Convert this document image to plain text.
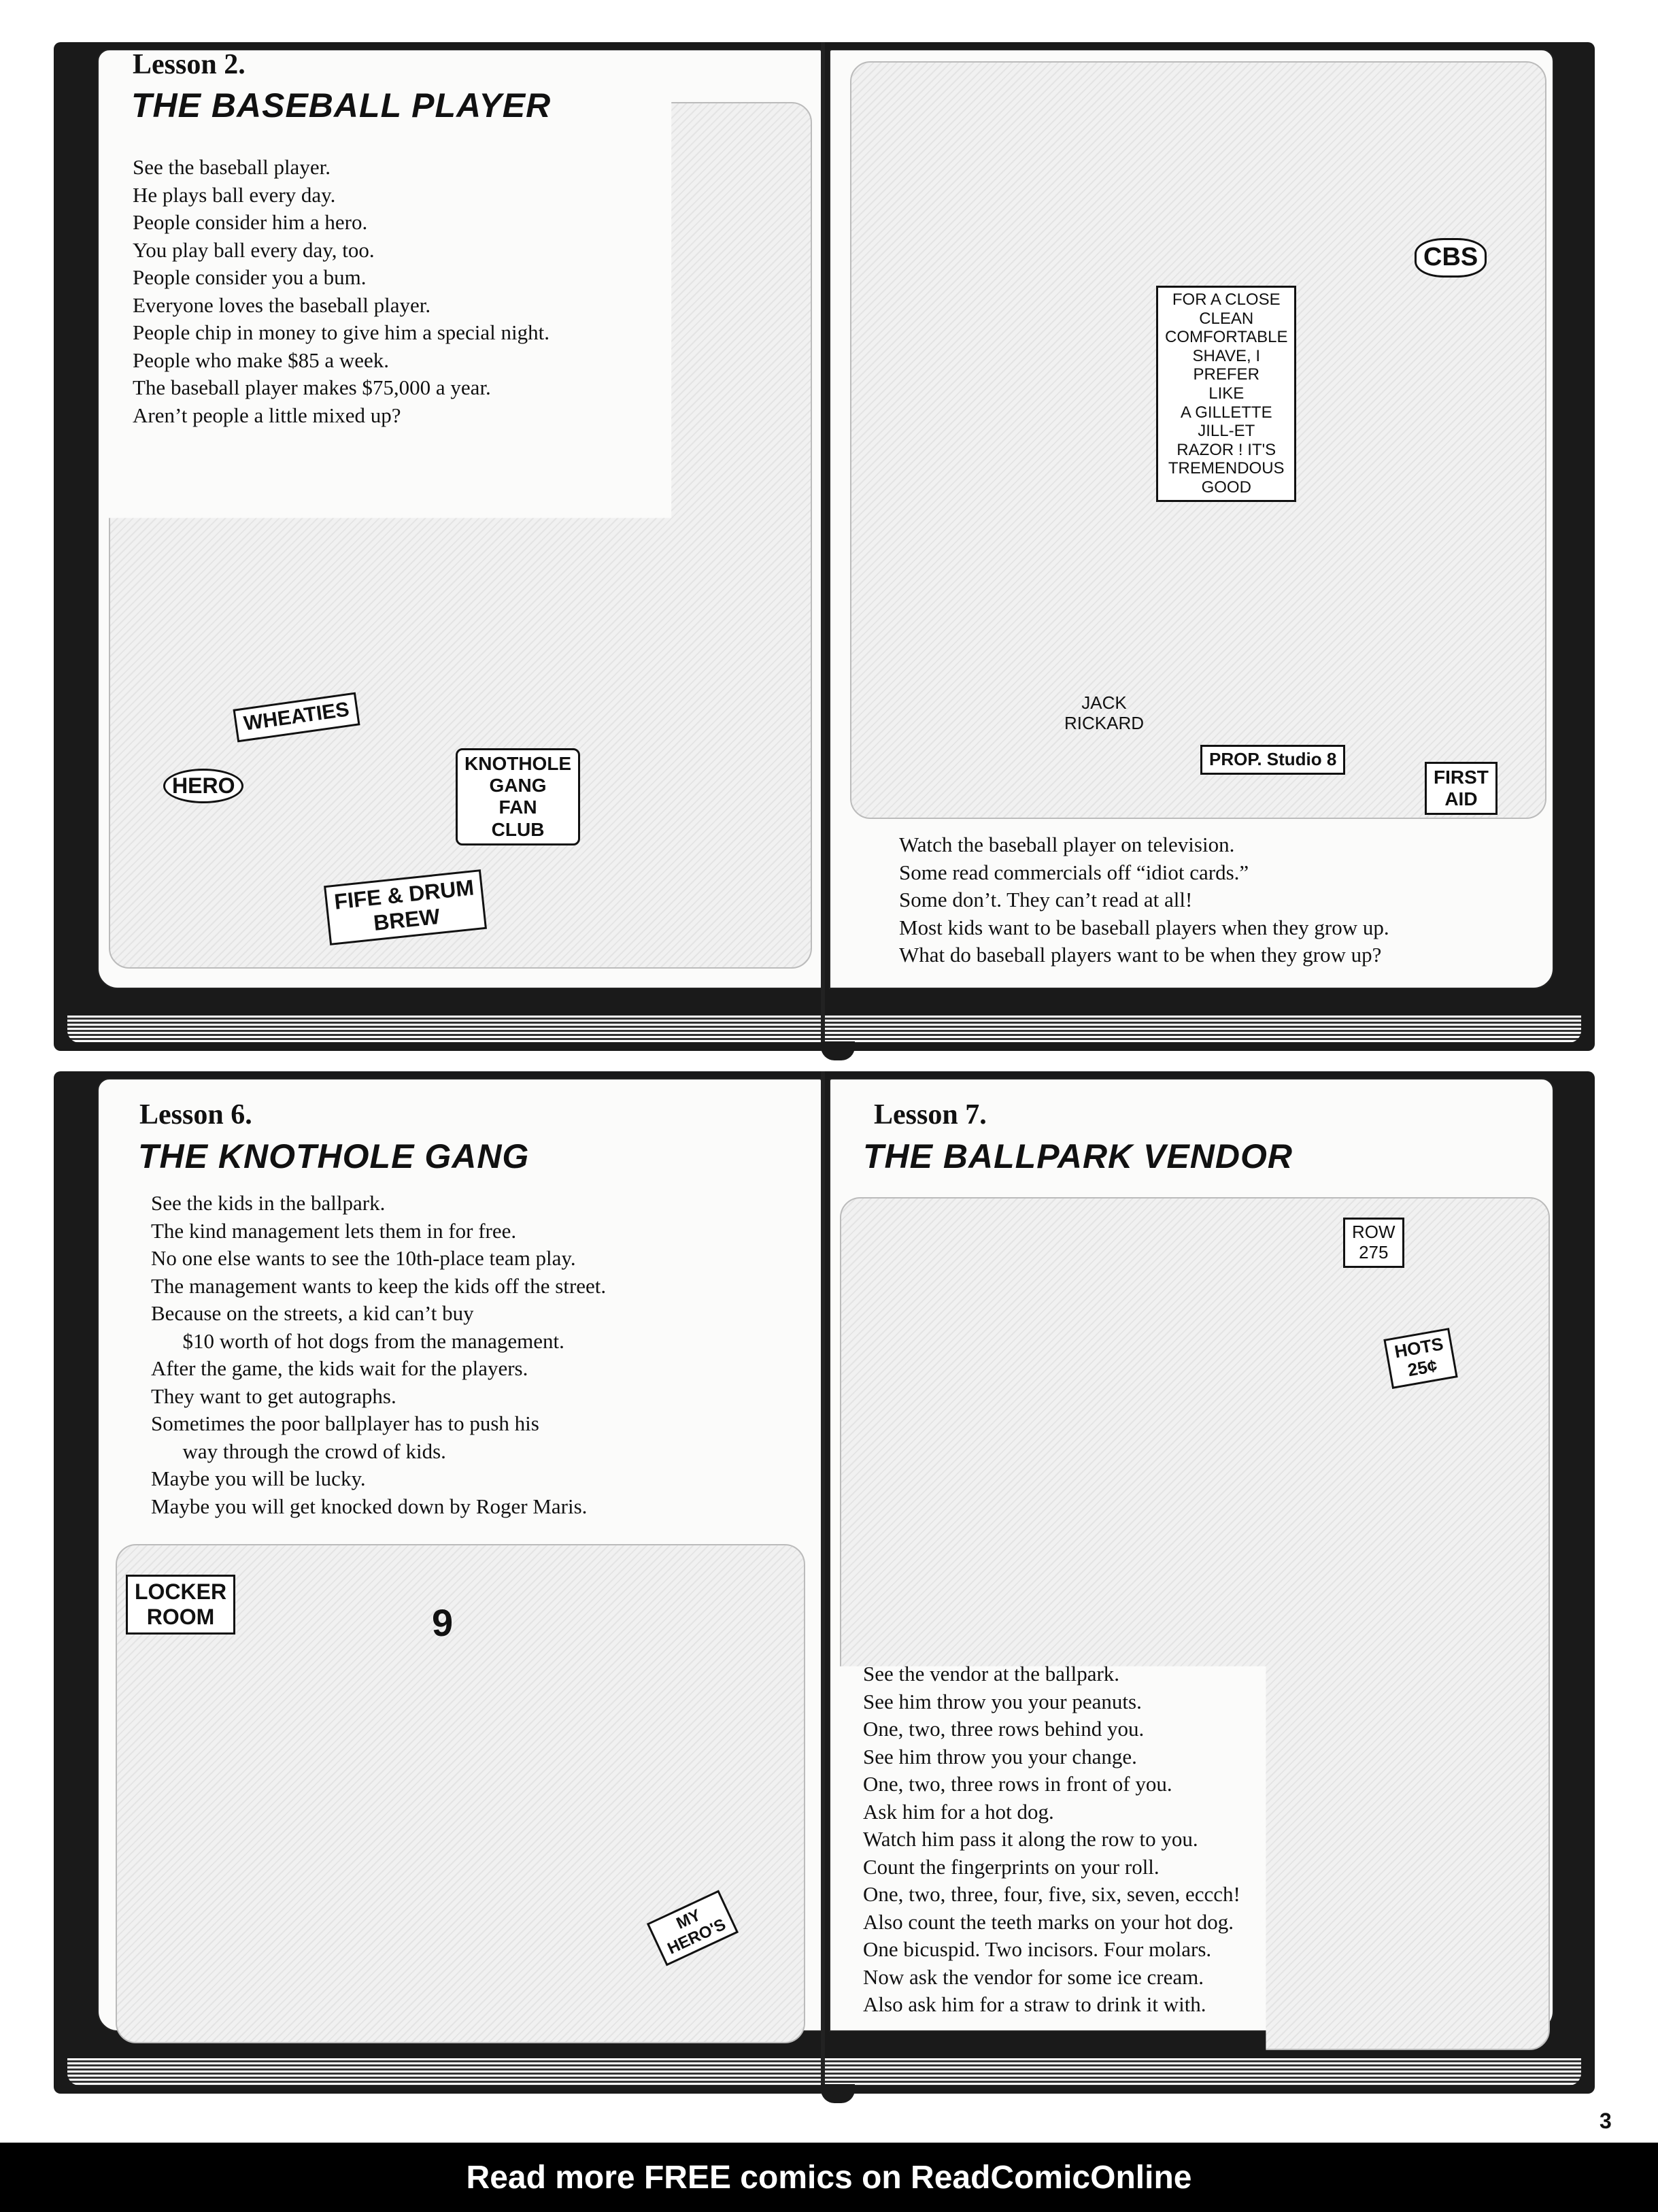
Lesson 2.
THE BASEBALL PLAYER
See the baseball player.
He plays ball every day.
People consider him a hero.
You play ball every day, too.
People consider you a bum.
Everyone loves the baseball player.
People chip in money to give him a special night.
People who make $85 a week.
The baseball player makes $75,000 a year.
Aren’t people a little mixed up?
WHEATIES
HERO
KNOTHOLE
GANG
FAN
CLUB
FIFE & DRUM
BREW
FOR A CLOSE
CLEAN
COMFORTABLE
SHAVE, I
PREFER
LIKE
A GILLETTE
JILL-ET
RAZOR ! IT'S
TREMENDOUS
GOOD
CBS
JACK
RICKARD
PROP. Studio 8
FIRST
AID
Watch the baseball player on television.
Some read commercials off “idiot cards.”
Some don’t. They can’t read at all!
Most kids want to be baseball players when they grow up.
What do baseball players want to be when they grow up?
Lesson 6.
THE KNOTHOLE GANG
See the kids in the ballpark.
The kind management lets them in for free.
No one else wants to see the 10th-place team play.
The management wants to keep the kids off the street.
Because on the streets, a kid can’t buy
$10 worth of hot dogs from the management.
After the game, the kids wait for the players.
They want to get autographs.
Sometimes the poor ballplayer has to push his
way through the crowd of kids.
Maybe you will be lucky.
Maybe you will get knocked down by Roger Maris.
LOCKER
ROOM	9
MY
HERO'S
Lesson 7.
THE BALLPARK VENDOR
ROW
275
HOTS
25¢
See the vendor at the ballpark.
See him throw you your peanuts.
One, two, three rows behind you.
See him throw you your change.
One, two, three rows in front of you.
Ask him for a hot dog.
Watch him pass it along the row to you.
Count the fingerprints on your roll.
One, two, three, four, five, six, seven, eccch!
Also count the teeth marks on your hot dog.
One bicuspid. Two incisors. Four molars.
Now ask the vendor for some ice cream.
Also ask him for a straw to drink it with.
3
Read more FREE comics on ReadComicOnline
